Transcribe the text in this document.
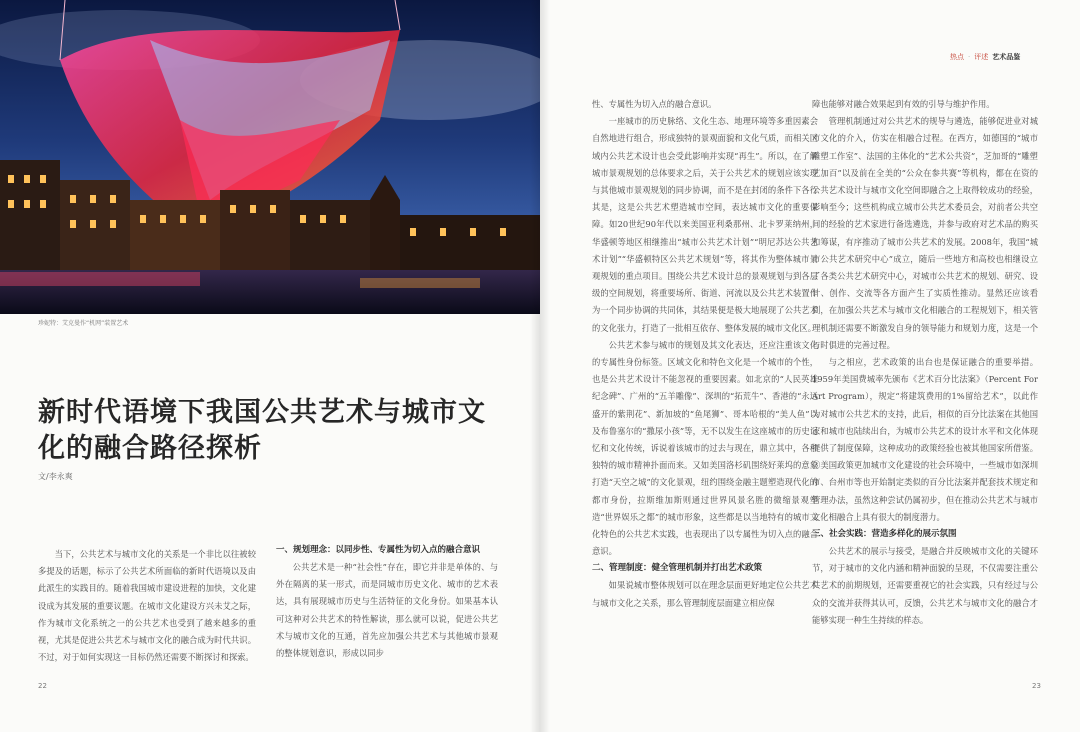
珍妮特：艾克曼作“机网”装置艺术
新时代语境下我国公共艺术与城市文化的融合路径探析
文/李永爽

当下，公共艺术与城市文化的关系是一个非比以往被较多提及的话题，标示了公共艺术所面临的新时代语境以及由此派生的实践目的。随着我国城市建设进程的加快，文化建设成为其发展的重要议题。在城市文化建设方兴未艾之际，作为城市文化系统之一的公共艺术也受到了越来越多的重视，尤其是促进公共艺术与城市文化的融合成为时代共识。不过，对于如何实现这一目标仍然还需要不断探讨和探索。

一、规划理念：以同步性、专属性为切入点的融合意识

公共艺术是一种“社会性”存在，即它并非是单体的、与外在隔离的某一形式，而是同城市历史文化、城市的艺术表达，具有展现城市历史与生活特征的文化身份。如果基本认可这种对公共艺术的特性解读，那么就可以说，促进公共艺术与城市文化的互通，首先应加强公共艺术与其他城市景观的整体规划意识，形成以同步

22
热点 · 评述 艺术品鉴

性、专属性为切入点的融合意识。

一座城市的历史脉络、文化生态、地理环境等多重因素会自然地进行组合，形成独特的景观面貌和文化气质，而相关区域内公共艺术设计也会受此影响并实现“再生”。所以，在了解城市景观规划的总体要求之后，关于公共艺术的规划应该实现与其他城市景观规划的同步协调，而不是在封闭的条件下各行其是，这是公共艺术塑造城市空间，表达城市文化的重要保障。如20世纪90年代以来美国亚利桑那州、北卡罗莱纳州，华盛顿等地区相继推出“城市公共艺术计划”“明尼苏达公共艺术计划”“华盛顿特区公共艺术规划”等，将其作为整体城市景观规划的重点项目。围绕公共艺术设计总的景观规划与到各层级的空间规划，将重要场所、街道、河流以及公共艺术装置作为一个同步协调的共同体，其结果便是极大地展现了公共艺术的文化张力，打造了一批相互依存、整体发展的城市文化区。

公共艺术参与城市的规划及其文化表达，还应注重该文化的专属性身份标签。区域文化和特色文化是一个城市的个性，也是公共艺术设计不能忽视的重要因素。如北京的“人民英雄纪念碑”、广州的“五羊雕像”、深圳的“拓荒牛”、香港的“永远盛开的紫荆花”、新加坡的“鱼尾狮”、哥本哈根的“美人鱼”以及布鲁塞尔的“撒尿小孩”等，无不以发生在这座城市的历史记忆和文化传统，诉说着该城市的过去与现在，鼎立其中，各种独特的城市精神扑面而来。又如美国洛杉矶围绕好莱坞的意象打造“天空之城”的文化景观，纽约围绕金融主题塑造现代化的都市身份，拉斯维加斯则通过世界风景名胜的微缩景观塑造“世界娱乐之都”的城市形象，这些都是以当地特有的城市文化特色的公共艺术实践，也表现出了以专属性为切入点的融合意识。

二、管理制度：健全管理机制并打出艺术政策

如果说城市整体规划可以在理念层面更好地定位公共艺术与城市文化之关系，那么管理制度层面建立相应保

障也能够对融合效果起到有效的引导与维护作用。

管理机制通过对公共艺术的规导与遴选，能够促进业对城市文化的介入，仿实在相融合过程。在西方，如德国的“城市雕塑工作室”、法国的主体化的“艺术公共资”，芝加哥的“雕塑艺加百”以及前在全美的“公众在参共赛”等机构，都在在资的公共艺术设计与城市文化空间即融合之上取得较成功的经验，影响至今；这些机构成立城市公共艺术委员会，对前者公共空间的经验的艺术家进行备选遴选，并参与政府对艺术品的购买和筹谋，有序推动了城市公共艺术的发展。2008年，我国“城市公共艺术研究中心”成立，随后一些地方和高校也相继设立了各类公共艺术研究中心，对城市公共艺术的规划、研究、设计、创作、交流等各方面产生了实质性推动。显然还应该看到，在加强公共艺术与城市文化相融合的工程规划下，相关管理机制还需要不断激发自身的领导能力和规划力度，这是一个与时俱进的完善过程。

与之相应，艺术政策的出台也是保证融合的重要举措。1959年美国费城率先颁布《艺术百分比法案》（Percent For Art Program），规定“将建筑费用的1%留给艺术”，以此作为对城市公共艺术的支持，此后，相似的百分比法案在其他国家和城市也陆续出台，为城市公共艺术的设计水平和文化体现提供了制度保障，这种成功的政策经验也被其他国家所借鉴。③美国政策更加城市文化建设的社会环境中，一些城市如深圳市、台州市等也开始制定类似的百分比法案并配套技术规定和管理办法，虽然这种尝试仍属初步，但在推动公共艺术与城市文化相融合上具有很大的制度潜力。

三、社会实践：营造多样化的展示氛围

公共艺术的展示与接受，是融合并反映城市文化的关键环节，对于城市的文化内涵和精神面貌的呈现，不仅需要注重公共艺术的前期规划，还需要重视它的社会实践，只有经过与公众的交流并获得其认可，反馈，公共艺术与城市文化的融合才能够实现一种生生持续的样态。

23
